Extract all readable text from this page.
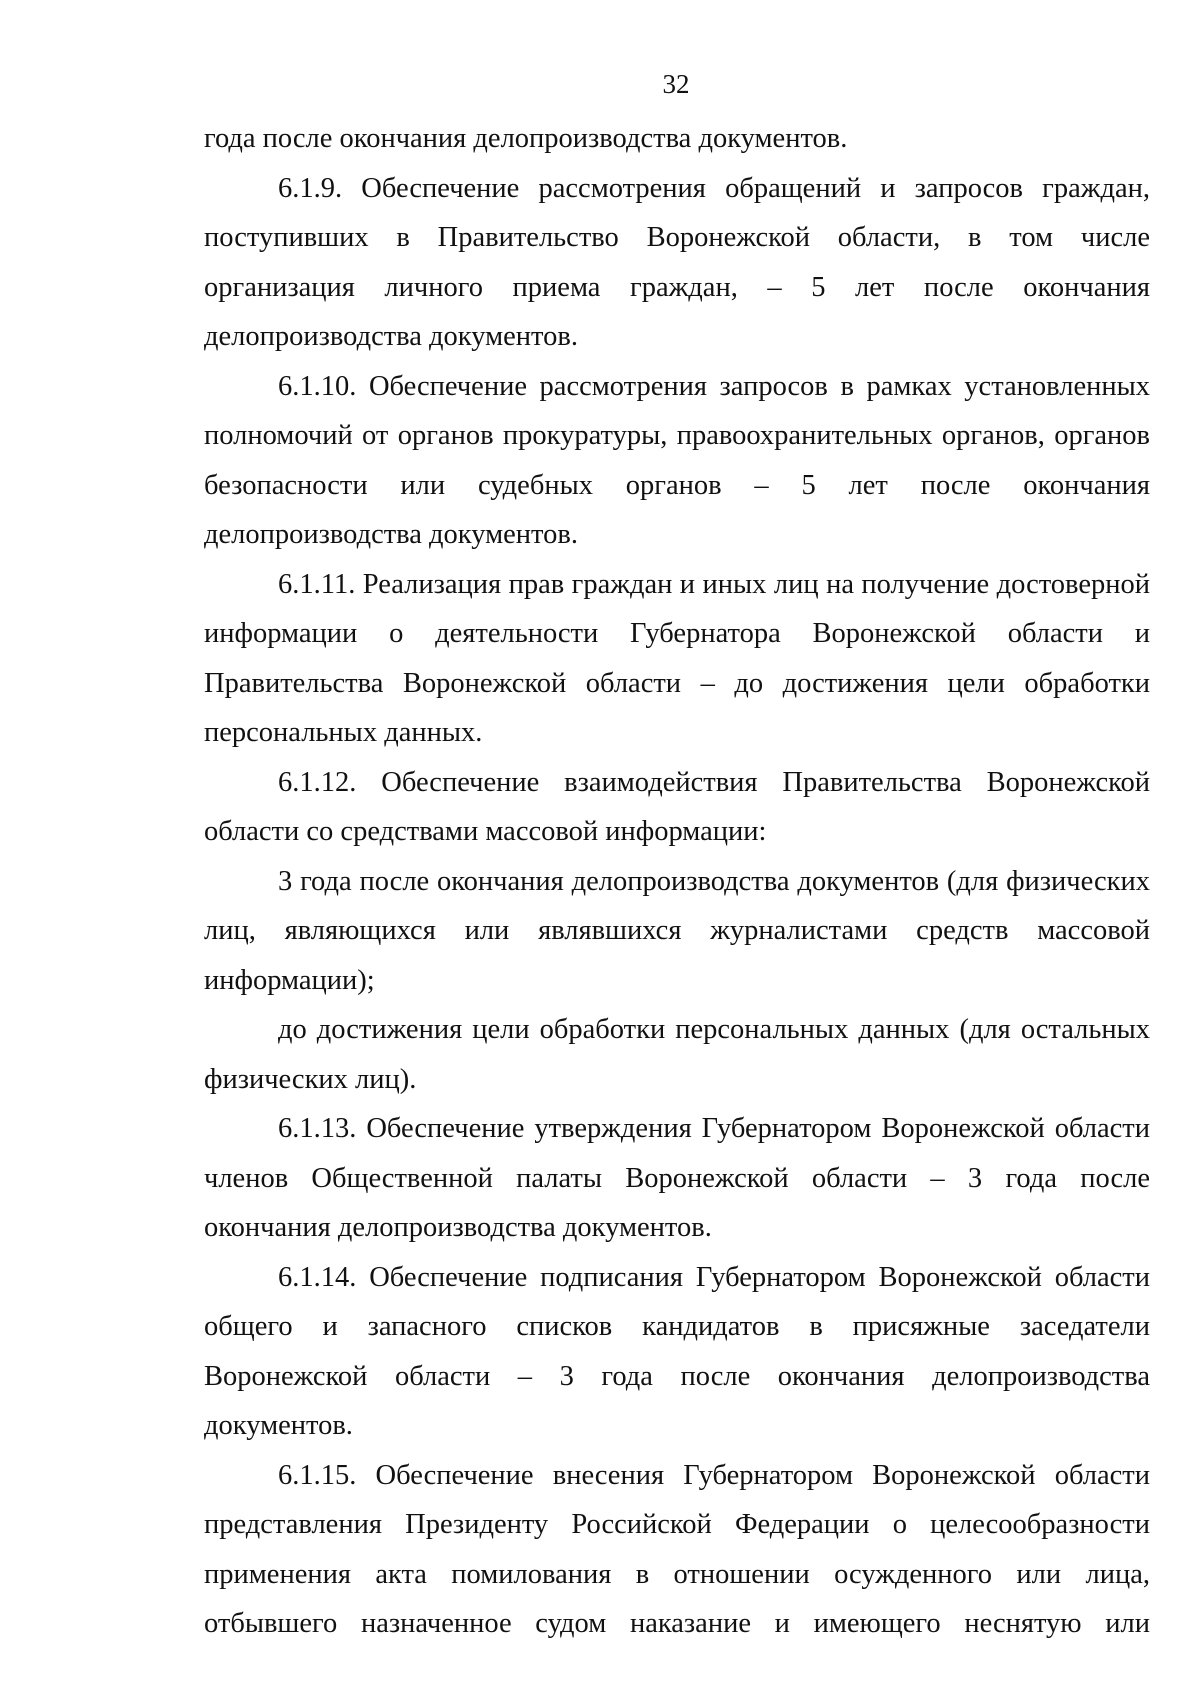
32

года после окончания делопроизводства документов.

6.1.9. Обеспечение рассмотрения обращений и запросов граждан, поступивших в Правительство Воронежской области, в том числе организация личного приема граждан, – 5 лет после окончания делопроизводства документов.

6.1.10. Обеспечение рассмотрения запросов в рамках установленных полномочий от органов прокуратуры, правоохранительных органов, органов безопасности или судебных органов – 5 лет после окончания делопроизводства документов.

6.1.11. Реализация прав граждан и иных лиц на получение достоверной информации о деятельности Губернатора Воронежской области и Правительства Воронежской области – до достижения цели обработки персональных данных.

6.1.12. Обеспечение взаимодействия Правительства Воронежской области со средствами массовой информации:

3 года после окончания делопроизводства документов (для физических лиц, являющихся или являвшихся журналистами средств массовой информации);

до достижения цели обработки персональных данных (для остальных физических лиц).

6.1.13. Обеспечение утверждения Губернатором Воронежской области членов Общественной палаты Воронежской области – 3 года после окончания делопроизводства документов.

6.1.14. Обеспечение подписания Губернатором Воронежской области общего и запасного списков кандидатов в присяжные заседатели Воронежской области – 3 года после окончания делопроизводства документов.

6.1.15. Обеспечение внесения Губернатором Воронежской области представления Президенту Российской Федерации о целесообразности применения акта помилования в отношении осужденного или лица, отбывшего назначенное судом наказание и имеющего неснятую или
